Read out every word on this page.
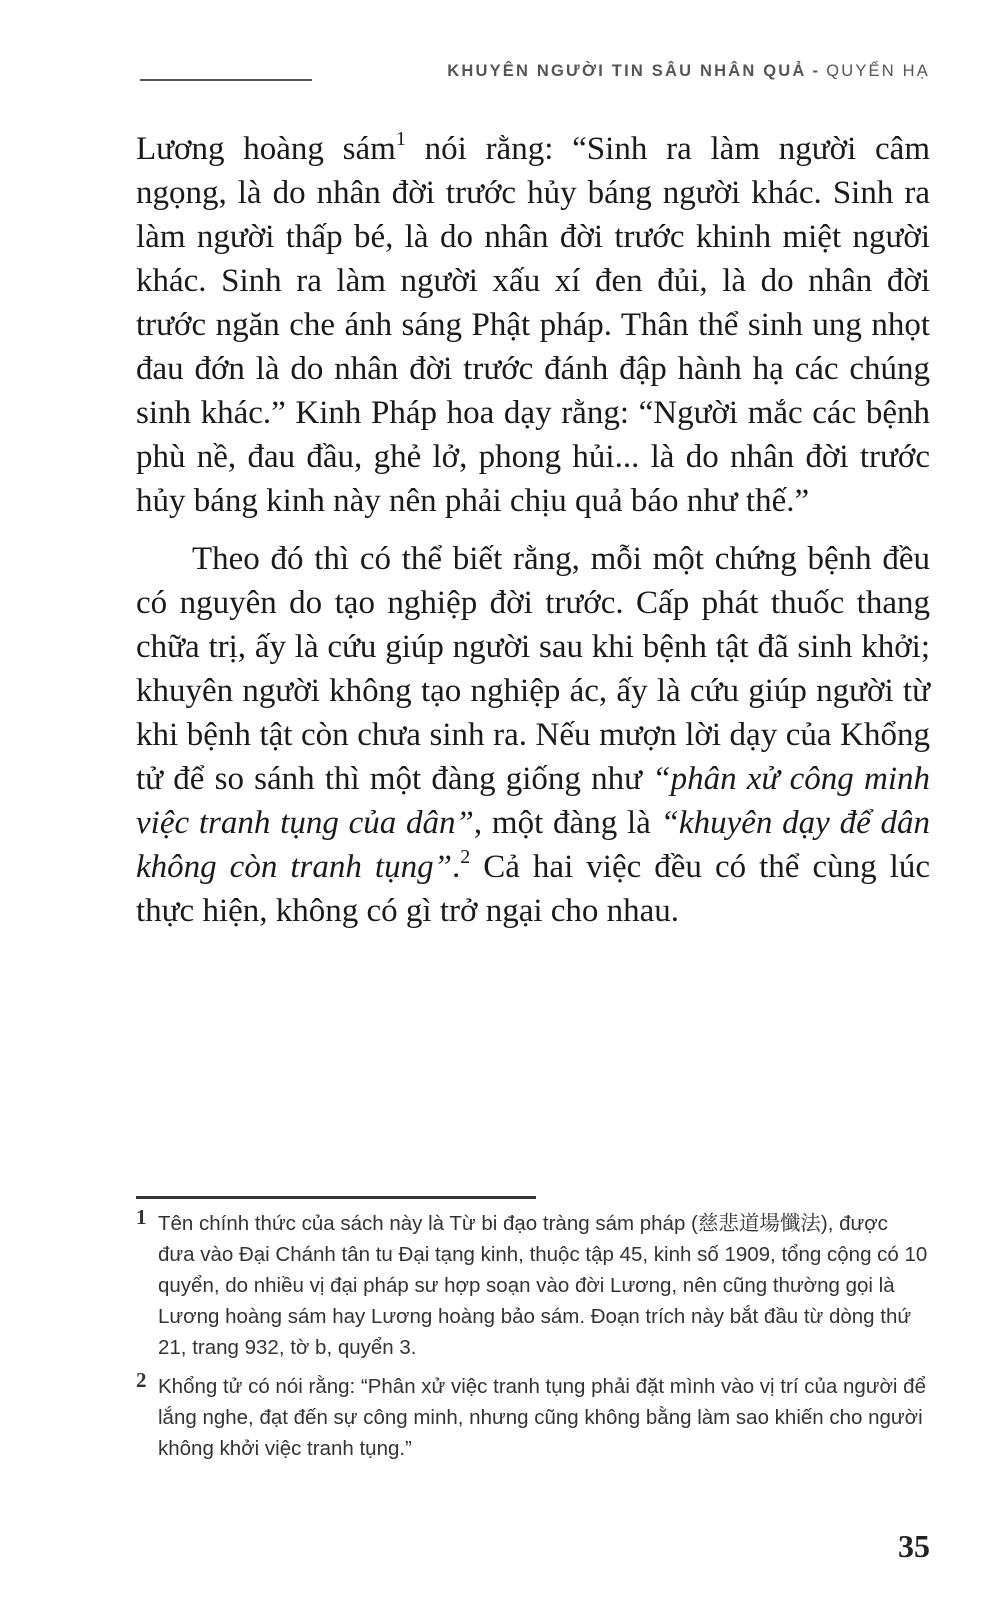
KHUYÊN NGƯỜI TIN SÂU NHÂN QUẢ - QUYỂN HẠ

Lương hoàng sám$^1$ nói rằng: “Sinh ra làm người câm ngọng, là do nhân đời trước hủy báng người khác. Sinh ra làm người thấp bé, là do nhân đời trước khinh miệt người khác. Sinh ra làm người xấu xí đen đủi, là do nhân đời trước ngăn che ánh sáng Phật pháp. Thân thể sinh ung nhọt đau đớn là do nhân đời trước đánh đập hành hạ các chúng sinh khác.” Kinh Pháp hoa dạy rằng: “Người mắc các bệnh phù nề, đau đầu, ghẻ lở, phong hủi... là do nhân đời trước hủy báng kinh này nên phải chịu quả báo như thế.”

Theo đó thì có thể biết rằng, mỗi một chứng bệnh đều có nguyên do tạo nghiệp đời trước. Cấp phát thuốc thang chữa trị, ấy là cứu giúp người sau khi bệnh tật đã sinh khởi; khuyên người không tạo nghiệp ác, ấy là cứu giúp người từ khi bệnh tật còn chưa sinh ra. Nếu mượn lời dạy của Khổng tử để so sánh thì một đàng giống như “phân xử công minh việc tranh tụng của dân”, một đàng là “khuyên dạy để dân không còn tranh tụng”.$^2$ Cả hai việc đều có thể cùng lúc thực hiện, không có gì trở ngại cho nhau.

1 Tên chính thức của sách này là Từ bi đạo tràng sám pháp (慈悲道場懺法), được đưa vào Đại Chánh tân tu Đại tạng kinh, thuộc tập 45, kinh số 1909, tổng cộng có 10 quyển, do nhiều vị đại pháp sư hợp soạn vào đời Lương, nên cũng thường gọi là Lương hoàng sám hay Lương hoàng bảo sám. Đoạn trích này bắt đầu từ dòng thứ 21, trang 932, tờ b, quyển 3.
2 Khổng tử có nói rằng: “Phân xử việc tranh tụng phải đặt mình vào vị trí của người để lắng nghe, đạt đến sự công minh, nhưng cũng không bằng làm sao khiến cho người không khởi việc tranh tụng.”
35
